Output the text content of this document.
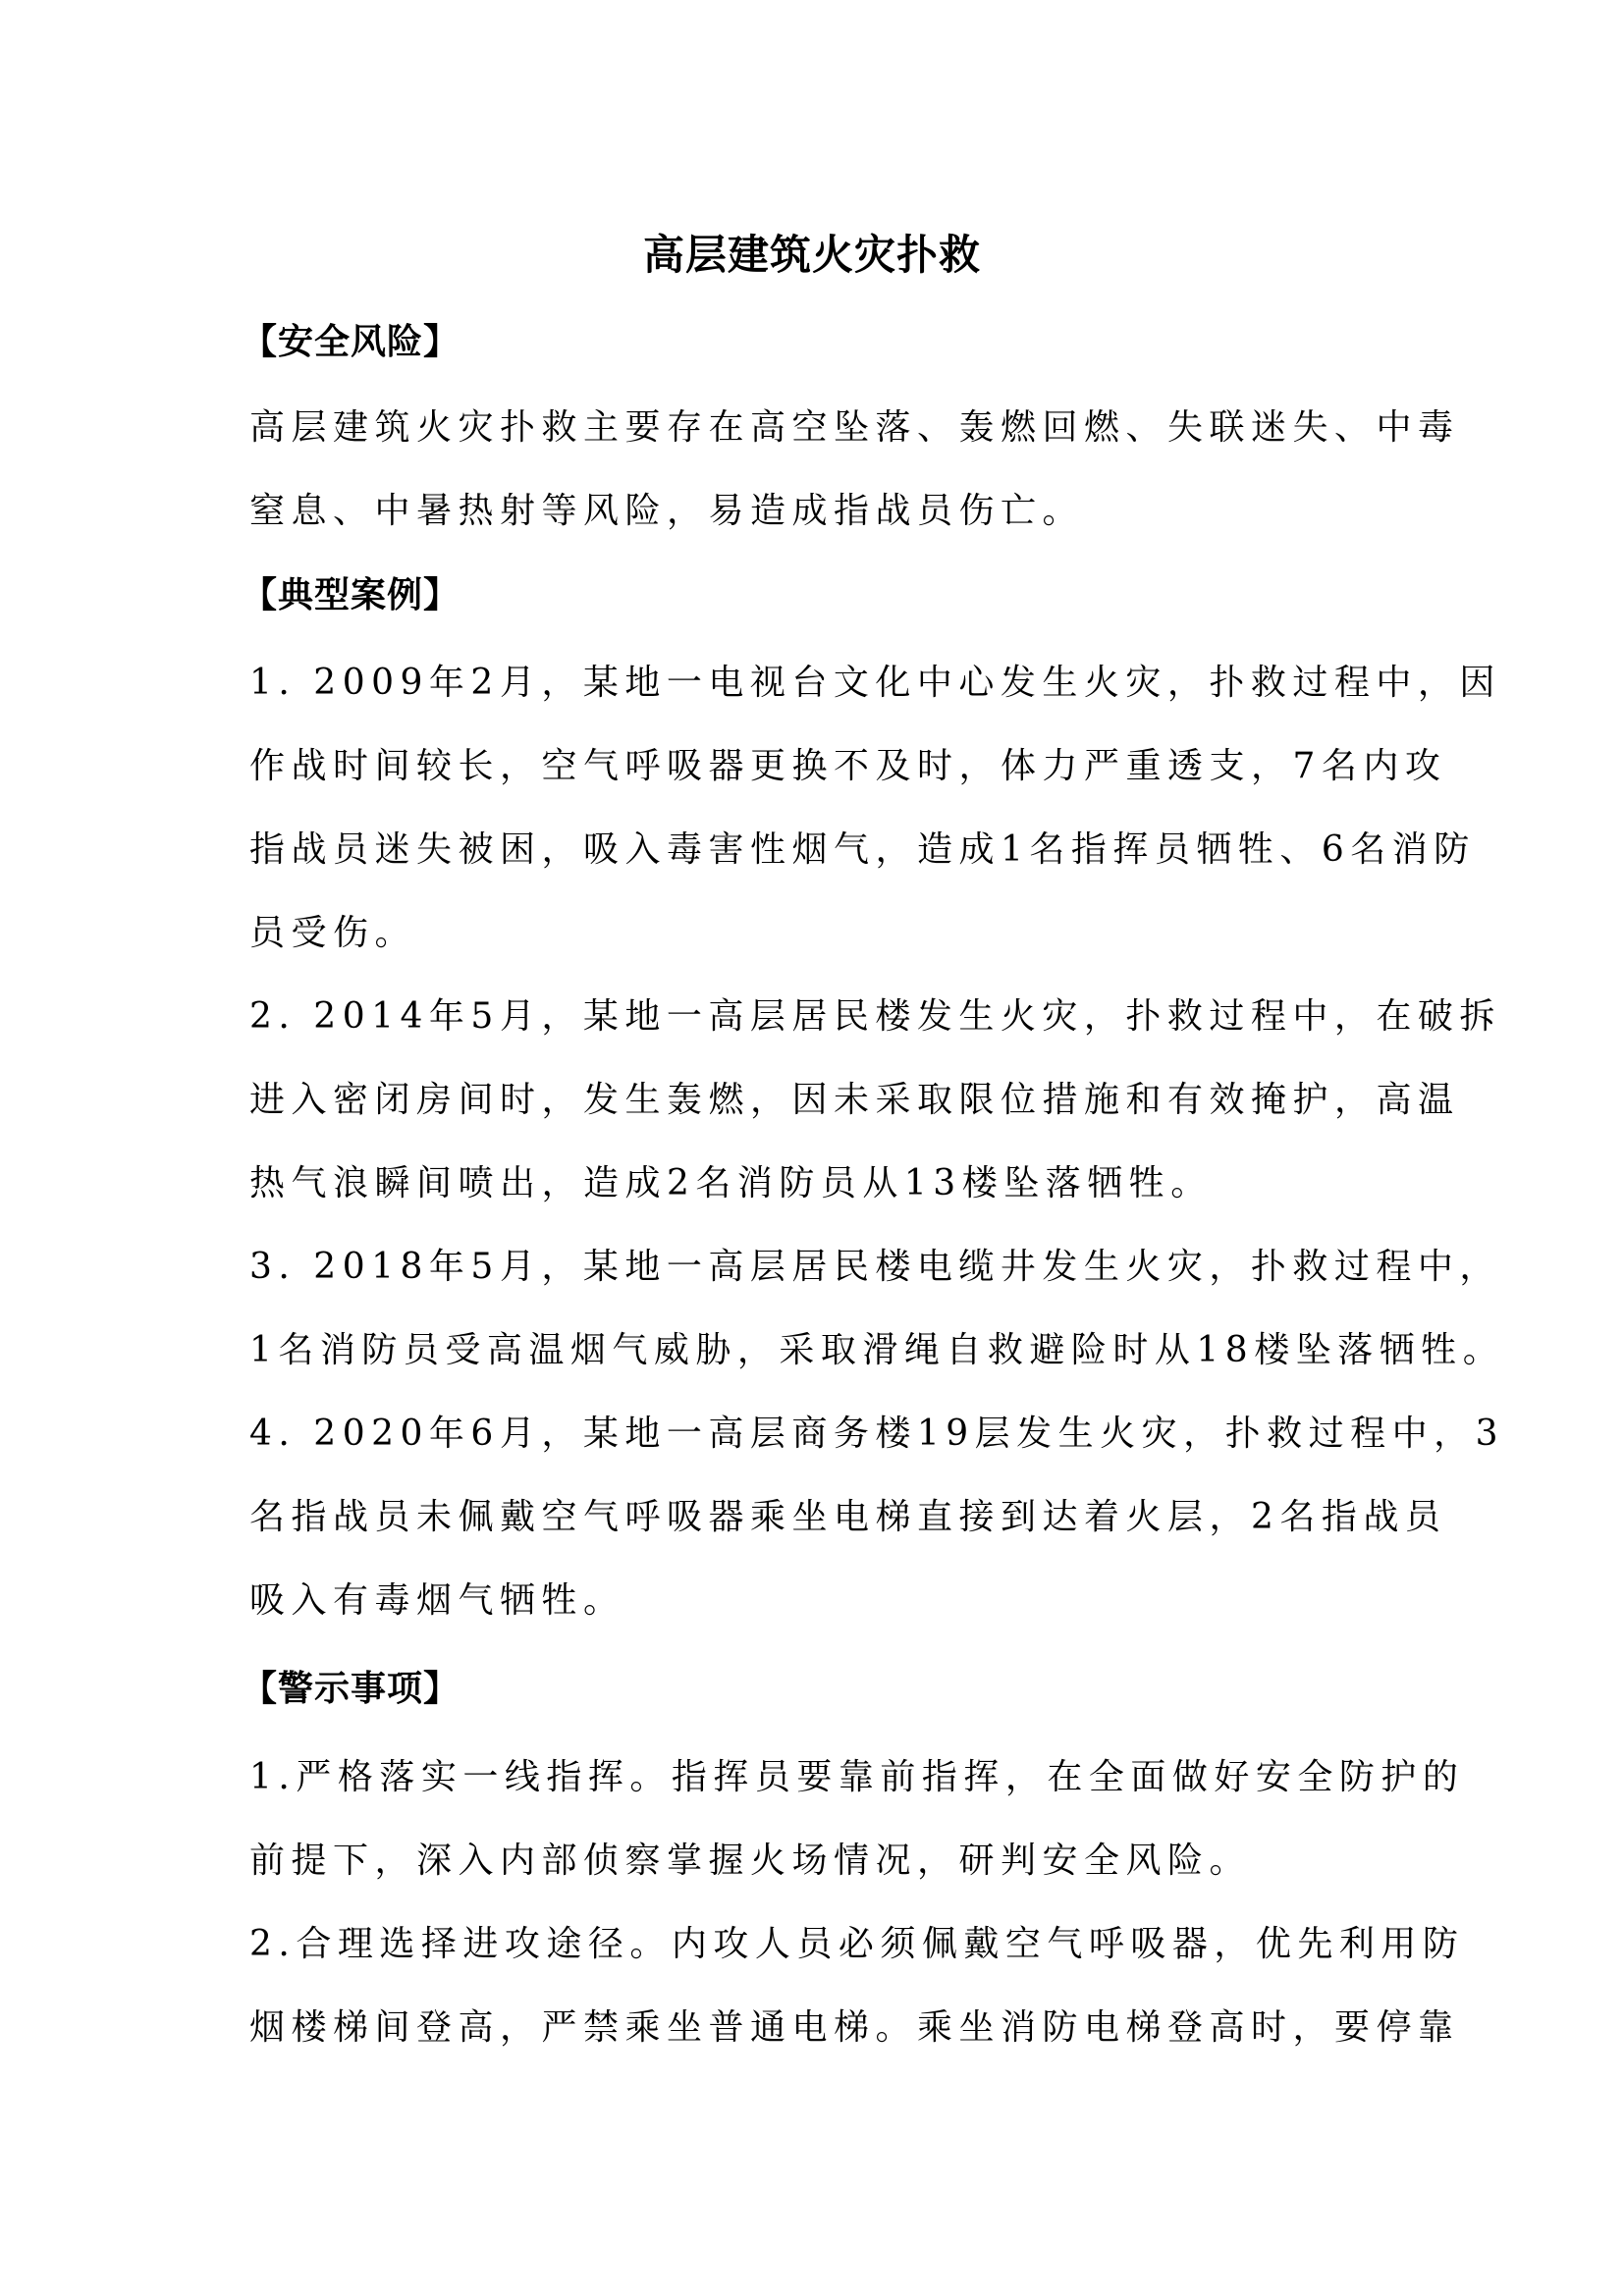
高层建筑火灾扑救
【安全风险】
高层建筑火灾扑救主要存在高空坠落、轰燃回燃、失联迷失、中毒
窒息、中暑热射等风险，易造成指战员伤亡。
【典型案例】
1. 2009年2月，某地一电视台文化中心发生火灾，扑救过程中，因
作战时间较长，空气呼吸器更换不及时，体力严重透支，7名内攻
指战员迷失被困，吸入毒害性烟气，造成1名指挥员牺牲、6名消防
员受伤。
2. 2014年5月，某地一高层居民楼发生火灾，扑救过程中，在破拆
进入密闭房间时，发生轰燃，因未采取限位措施和有效掩护，高温
热气浪瞬间喷出，造成2名消防员从13楼坠落牺牲。
3. 2018年5月，某地一高层居民楼电缆井发生火灾，扑救过程中，
1名消防员受高温烟气威胁，采取滑绳自救避险时从18楼坠落牺牲。
4. 2020年6月，某地一高层商务楼19层发生火灾，扑救过程中，3
名指战员未佩戴空气呼吸器乘坐电梯直接到达着火层，2名指战员
吸入有毒烟气牺牲。
【警示事项】
1.严格落实一线指挥。指挥员要靠前指挥，在全面做好安全防护的
前提下，深入内部侦察掌握火场情况，研判安全风险。
2.合理选择进攻途径。内攻人员必须佩戴空气呼吸器，优先利用防
烟楼梯间登高，严禁乘坐普通电梯。乘坐消防电梯登高时，要停靠
